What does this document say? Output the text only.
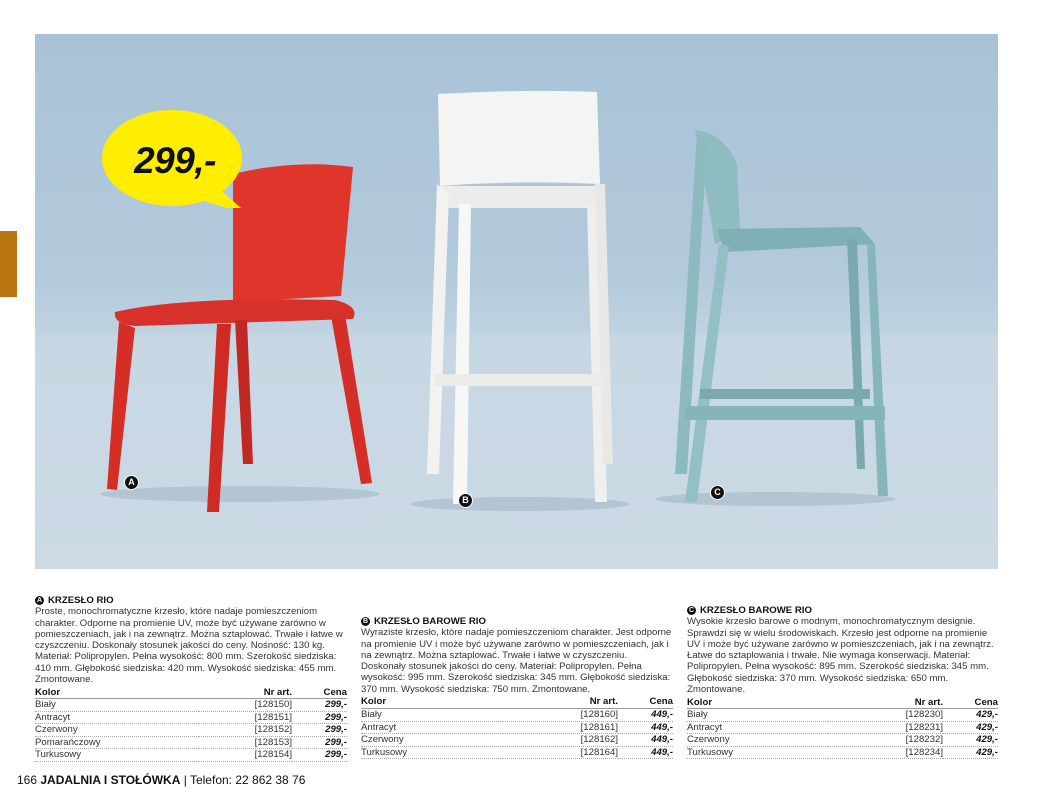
299,-
A
B
C
A KRZESŁO RIO

Proste, monochromatyczne krzesło, które nadaje pomieszczeniom charakter. Odporne na promienie UV, może być używane zarówno w pomieszczeniach, jak i na zewnątrz. Można sztaplować. Trwałe i łatwe w czyszczeniu. Doskonały stosunek jakości do ceny. Nośność: 130 kg. Materiał: Polipropylen. Pełna wysokość: 800 mm. Szerokość siedziska: 410 mm. Głębokość siedziska: 420 mm. Wysokość siedziska: 455 mm. Zmontowane.

Kolor	Nr art.	Cena
Biały	[128150]	299,-
Antracyt	[128151]	299,-
Czerwony	[128152]	299,-
Pomarańczowy	[128153]	299,-
Turkusowy	[128154]	299,-
B KRZESŁO BAROWE RIO

Wyraziste krzesło, które nadaje pomieszczeniom charakter. Jest odporne na promienie UV i może być używane zarówno w pomieszczeniach, jak i na zewnątrz. Można sztaplować. Trwałe i łatwe w czyszczeniu. Doskonały stosunek jakości do ceny. Materiał: Polipropylen. Pełna wysokość: 995 mm. Szerokość siedziska: 345 mm. Głębokość siedziska: 370 mm. Wysokość siedziska: 750 mm. Zmontowane.

Kolor	Nr art.	Cena
Biały	[128160]	449,-
Antracyt	[128161]	449,-
Czerwony	[128162]	449,-
Turkusowy	[128164]	449,-
C KRZESŁO BAROWE RIO

Wysokie krzesło barowe o modnym, monochromatycznym designie. Sprawdzi się w wielu środowiskach. Krzesło jest odporne na promienie UV i może być używane zarówno w pomieszczeniach, jak i na zewnątrz. Łatwe do sztaplowania i trwałe. Nie wymaga konserwacji. Materiał: Polipropylen. Pełna wysokość: 895 mm. Szerokość siedziska: 345 mm. Głębokość siedziska: 370 mm. Wysokość siedziska: 650 mm. Zmontowane.

Kolor	Nr art.	Cena
Biały	[128230]	429,-
Antracyt	[128231]	429,-
Czerwony	[128232]	429,-
Turkusowy	[128234]	429,-
166 JADALNIA I STOŁÓWKA | Telefon: 22 862 38 76
